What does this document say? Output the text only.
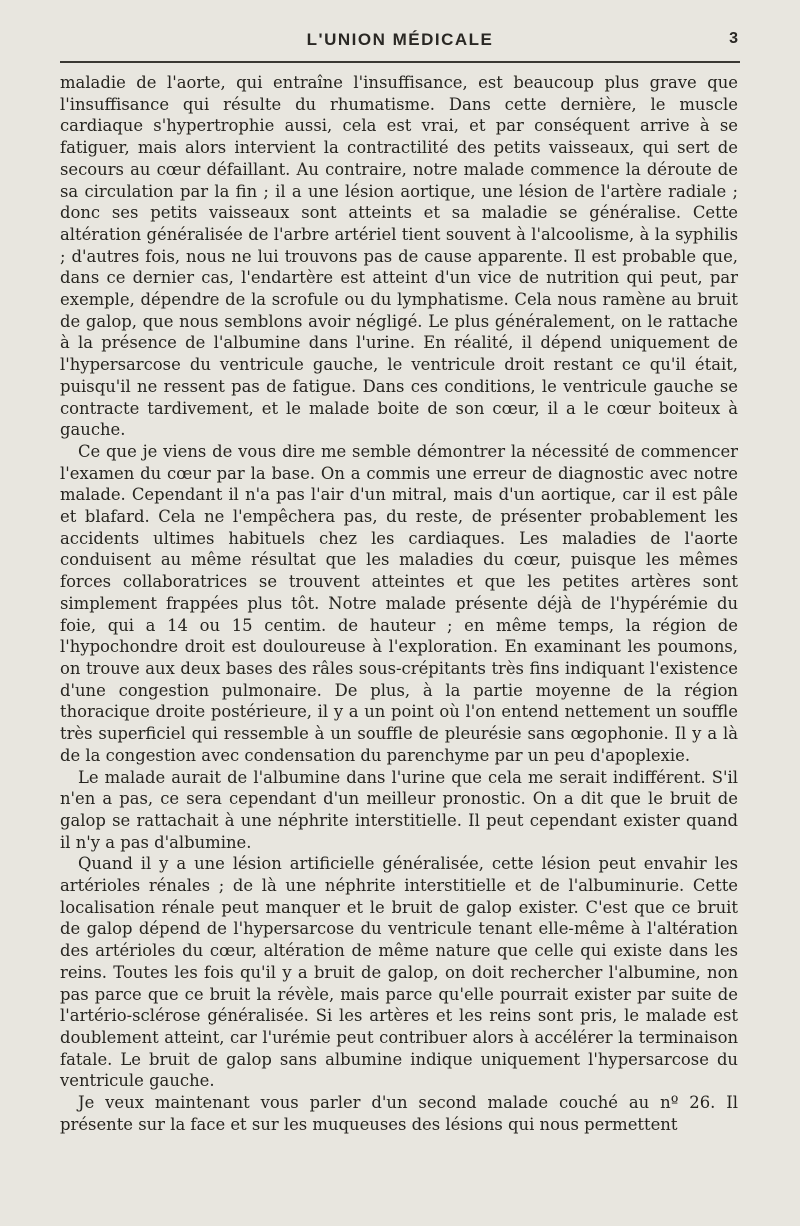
L'UNION MÉDICALE	3

maladie de l'aorte, qui entraîne l'insuffisance, est beaucoup plus grave que l'insuffisance qui résulte du rhumatisme. Dans cette dernière, le muscle cardiaque s'hypertrophie aussi, cela est vrai, et par conséquent arrive à se fatiguer, mais alors intervient la contractilité des petits vaisseaux, qui sert de secours au cœur défaillant. Au contraire, notre malade commence la déroute de sa circulation par la fin ; il a une lésion aortique, une lésion de l'artère radiale ; donc ses petits vaisseaux sont atteints et sa maladie se généralise. Cette altération généralisée de l'arbre artériel tient souvent à l'alcoolisme, à la syphilis ; d'autres fois, nous ne lui trouvons pas de cause apparente. Il est probable que, dans ce dernier cas, l'endartère est atteint d'un vice de nutrition qui peut, par exemple, dépendre de la scrofule ou du lymphatisme. Cela nous ramène au bruit de galop, que nous semblons avoir négligé. Le plus généralement, on le rattache à la présence de l'albumine dans l'urine. En réalité, il dépend uniquement de l'hypersarcose du ventricule gauche, le ventricule droit restant ce qu'il était, puisqu'il ne ressent pas de fatigue. Dans ces conditions, le ventricule gauche se contracte tardivement, et le malade boite de son cœur, il a le cœur boiteux à gauche.

Ce que je viens de vous dire me semble démontrer la nécessité de commencer l'examen du cœur par la base. On a commis une erreur de diagnostic avec notre malade. Cependant il n'a pas l'air d'un mitral, mais d'un aortique, car il est pâle et blafard. Cela ne l'empêchera pas, du reste, de présenter probablement les accidents ultimes habituels chez les cardiaques. Les maladies de l'aorte conduisent au même résultat que les maladies du cœur, puisque les mêmes forces collaboratrices se trouvent atteintes et que les petites artères sont simplement frappées plus tôt. Notre malade présente déjà de l'hypérémie du foie, qui a 14 ou 15 centim. de hauteur ; en même temps, la région de l'hypochondre droit est douloureuse à l'exploration. En examinant les poumons, on trouve aux deux bases des râles sous-crépitants très fins indiquant l'existence d'une congestion pulmonaire. De plus, à la partie moyenne de la région thoracique droite postérieure, il y a un point où l'on entend nettement un souffle très superficiel qui ressemble à un souffle de pleurésie sans œgophonie. Il y a là de la congestion avec condensation du parenchyme par un peu d'apoplexie.

Le malade aurait de l'albumine dans l'urine que cela me serait indifférent. S'il n'en a pas, ce sera cependant d'un meilleur pronostic. On a dit que le bruit de galop se rattachait à une néphrite interstitielle. Il peut cependant exister quand il n'y a pas d'albumine.

Quand il y a une lésion artificielle généralisée, cette lésion peut envahir les artérioles rénales ; de là une néphrite interstitielle et de l'albuminurie. Cette localisation rénale peut manquer et le bruit de galop exister. C'est que ce bruit de galop dépend de l'hypersarcose du ventricule tenant elle-même à l'altération des artérioles du cœur, altération de même nature que celle qui existe dans les reins. Toutes les fois qu'il y a bruit de galop, on doit rechercher l'albumine, non pas parce que ce bruit la révèle, mais parce qu'elle pourrait exister par suite de l'artério-sclérose généralisée. Si les artères et les reins sont pris, le malade est doublement atteint, car l'urémie peut contribuer alors à accélérer la terminaison fatale. Le bruit de galop sans albumine indique uniquement l'hypersarcose du ventricule gauche.

Je veux maintenant vous parler d'un second malade couché au nº 26. Il présente sur la face et sur les muqueuses des lésions qui nous permettent
